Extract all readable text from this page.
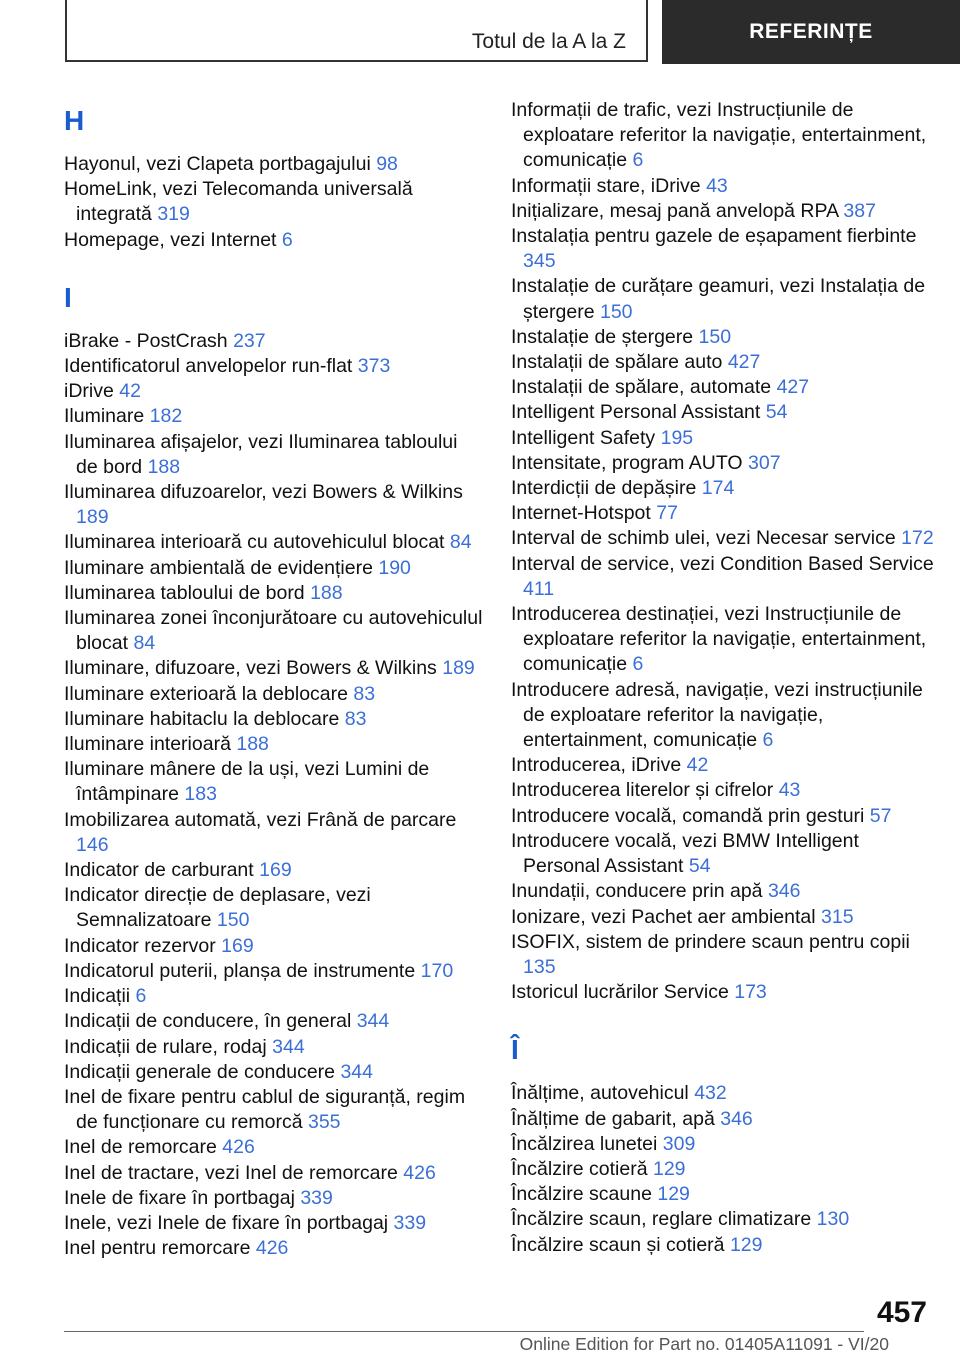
Totul de la A la Z	REFERINȚE
H
Hayonul, vezi Clapeta portbagajului 98
HomeLink, vezi Telecomanda universală integrată 319
Homepage, vezi Internet 6
I
iBrake - PostCrash 237
Identificatorul anvelopelor run-flat 373
iDrive 42
Iluminare 182
Iluminarea afișajelor, vezi Iluminarea tabloului de bord 188
Iluminarea difuzoarelor, vezi Bowers & Wilkins 189
Iluminarea interioară cu autovehiculul blocat 84
Iluminare ambientală de evidențiere 190
Iluminarea tabloului de bord 188
Iluminarea zonei înconjurătoare cu autovehiculul blocat 84
Iluminare, difuzoare, vezi Bowers & Wilkins 189
Iluminare exterioară la deblocare 83
Iluminare habitaclu la deblocare 83
Iluminare interioară 188
Iluminare mânere de la uși, vezi Lumini de întâmpinare 183
Imobilizarea automată, vezi Frână de parcare 146
Indicator de carburant 169
Indicator direcție de deplasare, vezi Semnalizatoare 150
Indicator rezervor 169
Indicatorul puterii, planșa de instrumente 170
Indicații 6
Indicații de conducere, în general 344
Indicații de rulare, rodaj 344
Indicații generale de conducere 344
Inel de fixare pentru cablul de siguranță, regim de funcționare cu remorcă 355
Inel de remorcare 426
Inel de tractare, vezi Inel de remorcare 426
Inele de fixare în portbagaj 339
Inele, vezi Inele de fixare în portbagaj 339
Inel pentru remorcare 426
Informații de trafic, vezi Instrucțiunile de exploatare referitor la navigație, entertainment, comunicație 6
Informații stare, iDrive 43
Inițializare, mesaj pană anvelopă RPA 387
Instalația pentru gazele de eșapament fierbinte 345
Instalație de curățare geamuri, vezi Instalația de ștergere 150
Instalație de ștergere 150
Instalații de spălare auto 427
Instalații de spălare, automate 427
Intelligent Personal Assistant 54
Intelligent Safety 195
Intensitate, program AUTO 307
Interdicții de depășire 174
Internet-Hotspot 77
Interval de schimb ulei, vezi Necesar service 172
Interval de service, vezi Condition Based Service 411
Introducerea destinației, vezi Instrucțiunile de exploatare referitor la navigație, entertainment, comunicație 6
Introducere adresă, navigație, vezi instrucțiunile de exploatare referitor la navigație, entertainment, comunicație 6
Introducerea, iDrive 42
Introducerea literelor și cifrelor 43
Introducere vocală, comandă prin gesturi 57
Introducere vocală, vezi BMW Intelligent Personal Assistant 54
Inundații, conducere prin apă 346
Ionizare, vezi Pachet aer ambiental 315
ISOFIX, sistem de prindere scaun pentru copii 135
Istoricul lucrărilor Service 173
Î
Înălțime, autovehicul 432
Înălțime de gabarit, apă 346
Încălzirea lunetei 309
Încălzire cotieră 129
Încălzire scaune 129
Încălzire scaun, reglare climatizare 130
Încălzire scaun și cotieră 129
457
Online Edition for Part no. 01405A11091 - VI/20
